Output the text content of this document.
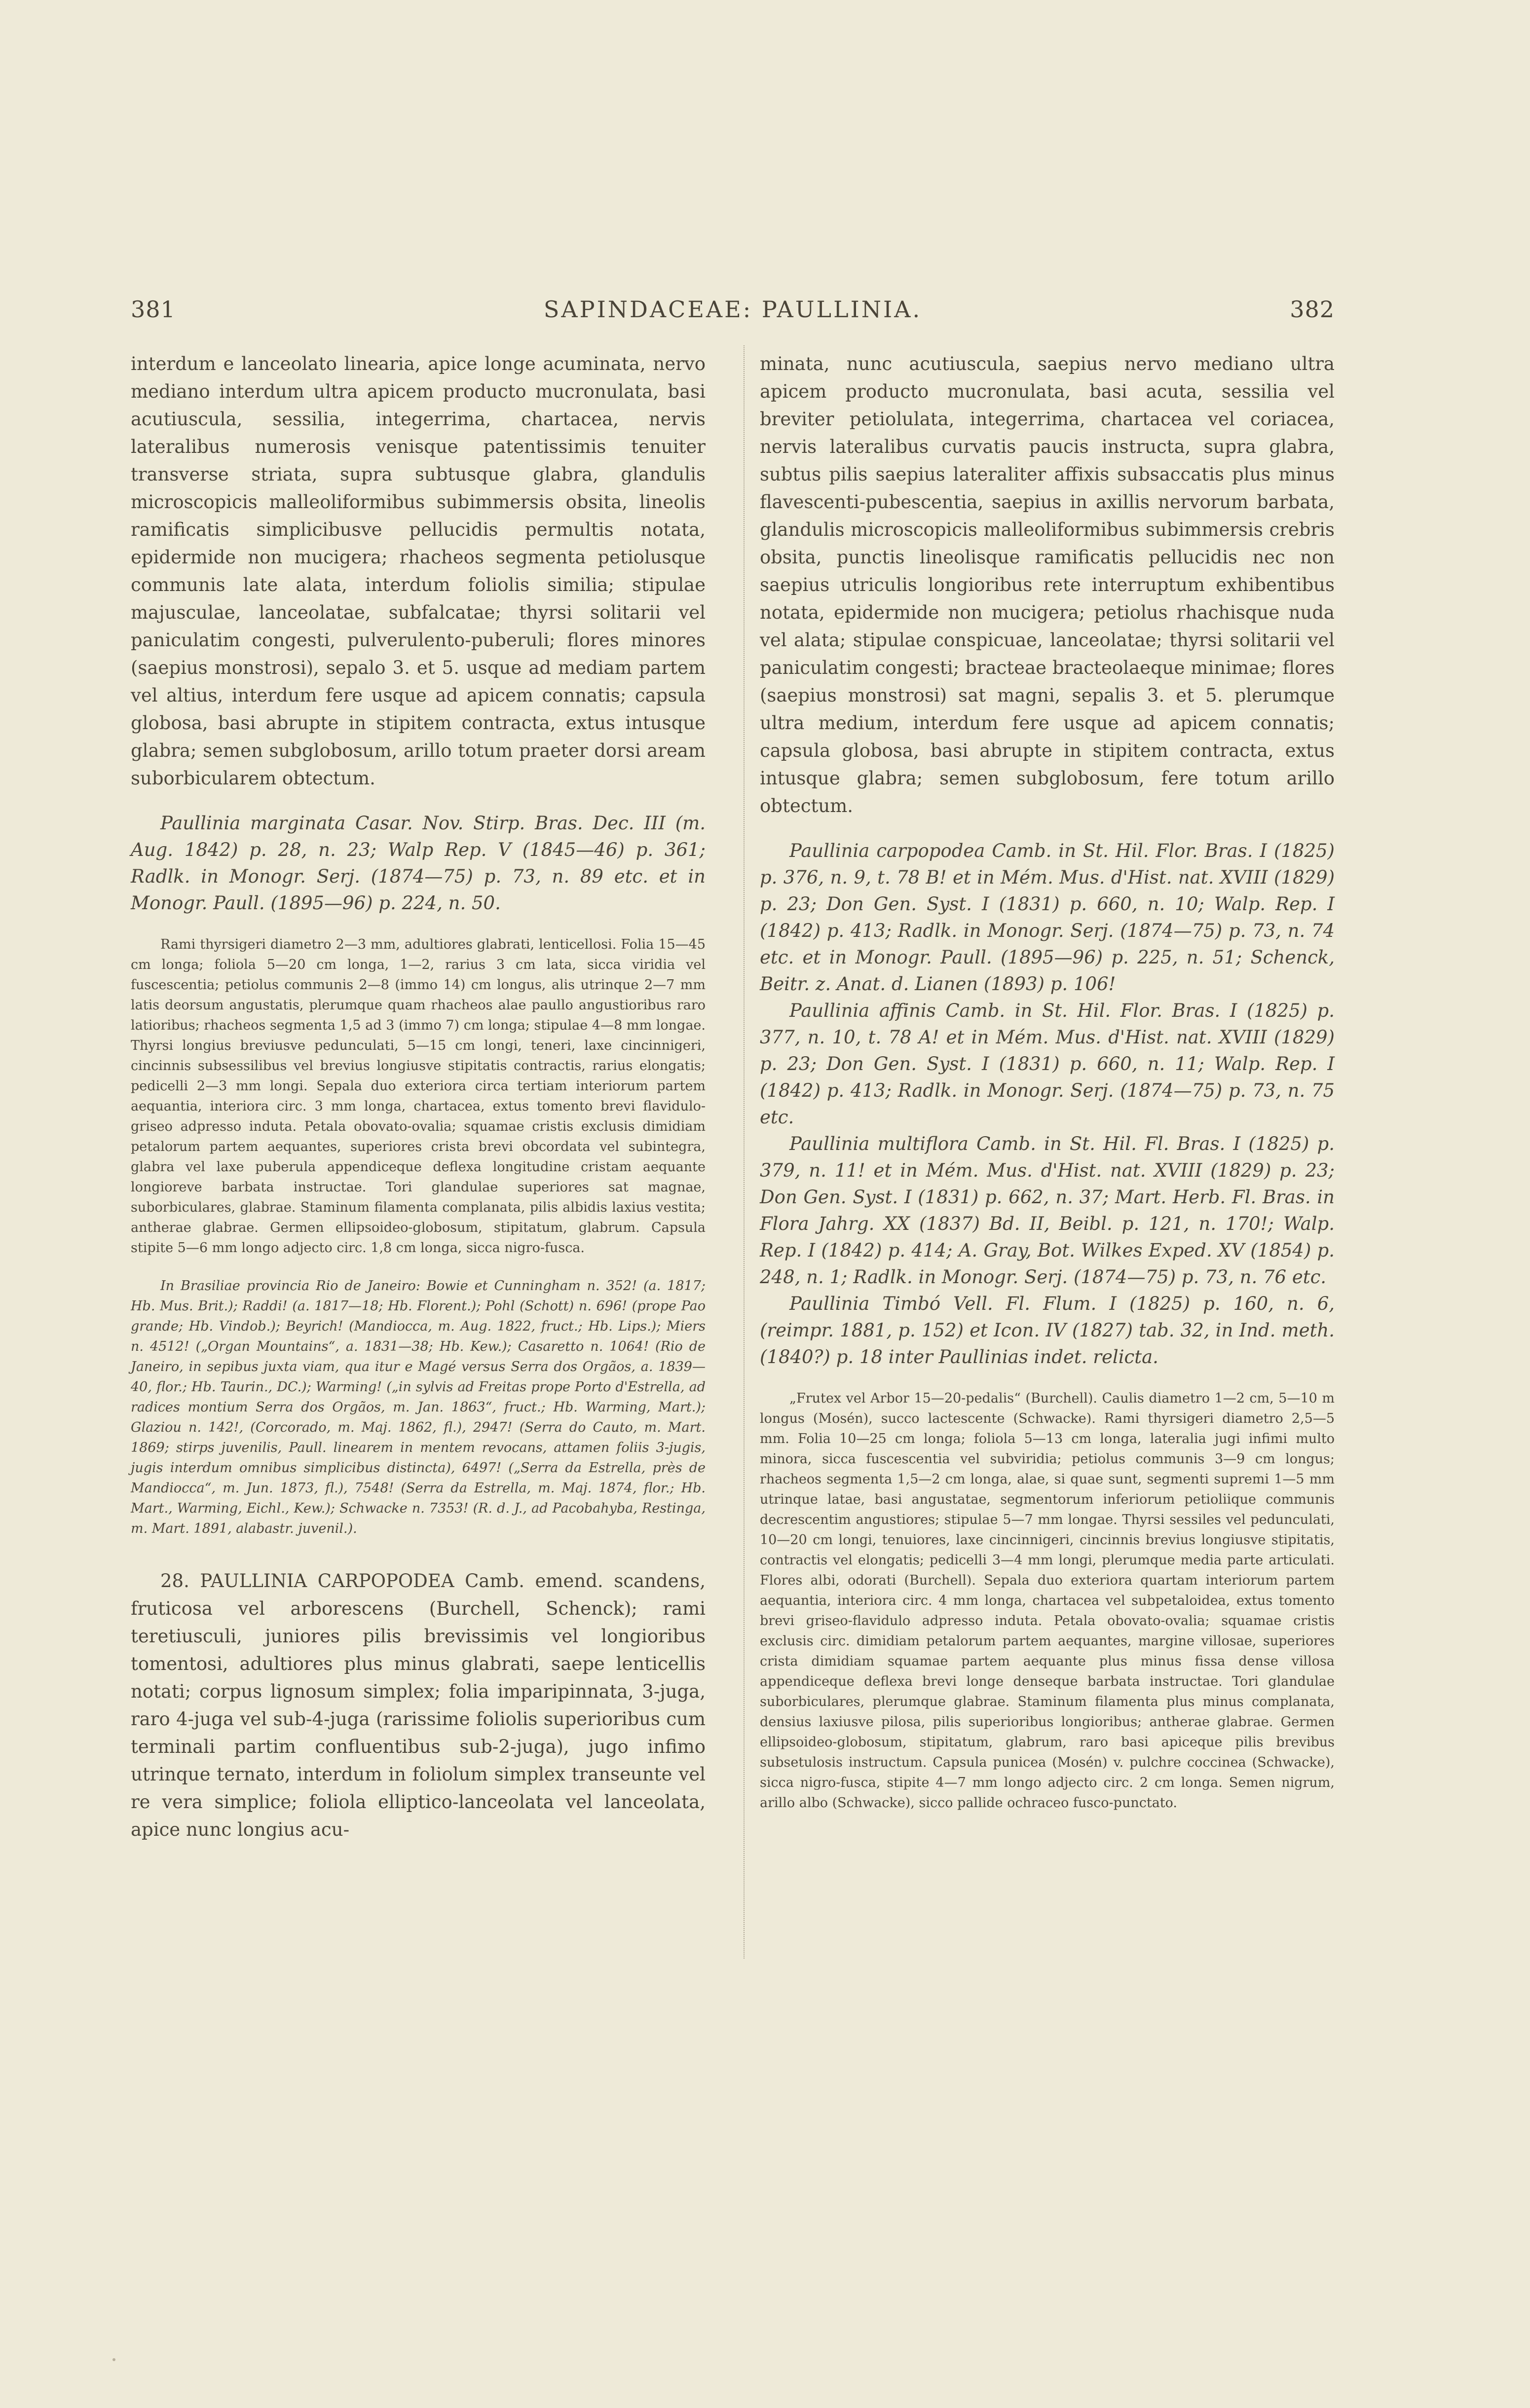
381	SAPINDACEAE: PAULLINIA.	382

interdum e lanceolato linearia, apice longe acuminata, nervo mediano interdum ultra apicem producto mucronulata, basi acutiuscula, sessilia, integerrima, chartacea, nervis lateralibus numerosis venisque patentissimis tenuiter transverse striata, supra subtusque glabra, glandulis microscopicis malleoliformibus subimmersis obsita, lineolis ramificatis simplicibusve pellucidis permultis notata, epidermide non mucigera; rhacheos segmenta petiolusque communis late alata, interdum foliolis similia; stipulae majusculae, lanceolatae, subfalcatae; thyrsi solitarii vel paniculatim congesti, pulverulento-puberuli; flores minores (saepius monstrosi), sepalo 3. et 5. usque ad mediam partem vel altius, interdum fere usque ad apicem connatis; capsula globosa, basi abrupte in stipitem contracta, extus intusque glabra; semen subglobosum, arillo totum praeter dorsi aream suborbicularem obtectum.

Paullinia marginata Casar. Nov. Stirp. Bras. Dec. III (m. Aug. 1842) p. 28, n. 23; Walp Rep. V (1845—46) p. 361; Radlk. in Monogr. Serj. (1874—75) p. 73, n. 89 etc. et in Monogr. Paull. (1895—96) p. 224, n. 50.

Rami thyrsigeri diametro 2—3 mm, adultiores glabrati, lenticellosi. Folia 15—45 cm longa; foliola 5—20 cm longa, 1—2, rarius 3 cm lata, sicca viridia vel fuscescentia; petiolus communis 2—8 (immo 14) cm longus, alis utrinque 2—7 mm latis deorsum angustatis, plerumque quam rhacheos alae paullo angustioribus raro latioribus; rhacheos segmenta 1,5 ad 3 (immo 7) cm longa; stipulae 4—8 mm longae. Thyrsi longius breviusve pedunculati, 5—15 cm longi, teneri, laxe cincinnigeri, cincinnis subsessilibus vel brevius longiusve stipitatis contractis, rarius elongatis; pedicelli 2—3 mm longi. Sepala duo exteriora circa tertiam interiorum partem aequantia, interiora circ. 3 mm longa, chartacea, extus tomento brevi flavidulo-griseo adpresso induta. Petala obovato-ovalia; squamae cristis exclusis dimidiam petalorum partem aequantes, superiores crista brevi obcordata vel subintegra, glabra vel laxe puberula appendiceque deflexa longitudine cristam aequante longioreve barbata instructae. Tori glandulae superiores sat magnae, suborbiculares, glabrae. Staminum filamenta complanata, pilis albidis laxius vestita; antherae glabrae. Germen ellipsoideo-globosum, stipitatum, glabrum. Capsula stipite 5—6 mm longo adjecto circ. 1,8 cm longa, sicca nigro-fusca.

In Brasiliae provincia Rio de Janeiro: Bowie et Cunningham n. 352! (a. 1817; Hb. Mus. Brit.); Raddi! (a. 1817—18; Hb. Florent.); Pohl (Schott) n. 696! (prope Pao grande; Hb. Vindob.); Beyrich! (Mandiocca, m. Aug. 1822, fruct.; Hb. Lips.); Miers n. 4512! („Organ Mountains“, a. 1831—38; Hb. Kew.); Casaretto n. 1064! (Rio de Janeiro, in sepibus juxta viam, qua itur e Magé versus Serra dos Orgãos, a. 1839—40, flor.; Hb. Taurin., DC.); Warming! („in sylvis ad Freitas prope Porto d'Estrella, ad radices montium Serra dos Orgãos, m. Jan. 1863“, fruct.; Hb. Warming, Mart.); Glaziou n. 142!, (Corcorado, m. Maj. 1862, fl.), 2947! (Serra do Cauto, m. Mart. 1869; stirps juvenilis, Paull. linearem in mentem revocans, attamen foliis 3-jugis, jugis interdum omnibus simplicibus distincta), 6497! („Serra da Estrella, près de Mandiocca“, m. Jun. 1873, fl.), 7548! (Serra da Estrella, m. Maj. 1874, flor.; Hb. Mart., Warming, Eichl., Kew.); Schwacke n. 7353! (R. d. J., ad Pacobahyba, Restinga, m. Mart. 1891, alabastr. juvenil.).

28. PAULLINIA CARPOPODEA Camb. emend. scandens, fruticosa vel arborescens (Burchell, Schenck); rami teretiusculi, juniores pilis brevissimis vel longioribus tomentosi, adultiores plus minus glabrati, saepe lenticellis notati; corpus lignosum simplex; folia imparipinnata, 3-juga, raro 4-juga vel sub-4-juga (rarissime foliolis superioribus cum terminali partim confluentibus sub-2-juga), jugo infimo utrinque ternato, interdum in foliolum simplex transeunte vel re vera simplice; foliola elliptico-lanceolata vel lanceolata, apice nunc longius acu-

minata, nunc acutiuscula, saepius nervo mediano ultra apicem producto mucronulata, basi acuta, sessilia vel breviter petiolulata, integerrima, chartacea vel coriacea, nervis lateralibus curvatis paucis instructa, supra glabra, subtus pilis saepius lateraliter affixis subsaccatis plus minus flavescenti-pubescentia, saepius in axillis nervorum barbata, glandulis microscopicis malleoliformibus subimmersis crebris obsita, punctis lineolisque ramificatis pellucidis nec non saepius utriculis longioribus rete interruptum exhibentibus notata, epidermide non mucigera; petiolus rhachisque nuda vel alata; stipulae conspicuae, lanceolatae; thyrsi solitarii vel paniculatim congesti; bracteae bracteolaeque minimae; flores (saepius monstrosi) sat magni, sepalis 3. et 5. plerumque ultra medium, interdum fere usque ad apicem connatis; capsula globosa, basi abrupte in stipitem contracta, extus intusque glabra; semen subglobosum, fere totum arillo obtectum.

Paullinia carpopodea Camb. in St. Hil. Flor. Bras. I (1825) p. 376, n. 9, t. 78 B! et in Mém. Mus. d'Hist. nat. XVIII (1829) p. 23; Don Gen. Syst. I (1831) p. 660, n. 10; Walp. Rep. I (1842) p. 413; Radlk. in Monogr. Serj. (1874—75) p. 73, n. 74 etc. et in Monogr. Paull. (1895—96) p. 225, n. 51; Schenck, Beitr. z. Anat. d. Lianen (1893) p. 106!

Paullinia affinis Camb. in St. Hil. Flor. Bras. I (1825) p. 377, n. 10, t. 78 A! et in Mém. Mus. d'Hist. nat. XVIII (1829) p. 23; Don Gen. Syst. I (1831) p. 660, n. 11; Walp. Rep. I (1842) p. 413; Radlk. in Monogr. Serj. (1874—75) p. 73, n. 75 etc.

Paullinia multiflora Camb. in St. Hil. Fl. Bras. I (1825) p. 379, n. 11! et in Mém. Mus. d'Hist. nat. XVIII (1829) p. 23; Don Gen. Syst. I (1831) p. 662, n. 37; Mart. Herb. Fl. Bras. in Flora Jahrg. XX (1837) Bd. II, Beibl. p. 121, n. 170!; Walp. Rep. I (1842) p. 414; A. Gray, Bot. Wilkes Exped. XV (1854) p. 248, n. 1; Radlk. in Monogr. Serj. (1874—75) p. 73, n. 76 etc.

Paullinia Timbó Vell. Fl. Flum. I (1825) p. 160, n. 6, (reimpr. 1881, p. 152) et Icon. IV (1827) tab. 32, in Ind. meth. (1840?) p. 18 inter Paullinias indet. relicta.

„Frutex vel Arbor 15—20-pedalis“ (Burchell). Caulis diametro 1—2 cm, 5—10 m longus (Mosén), succo lactescente (Schwacke). Rami thyrsigeri diametro 2,5—5 mm. Folia 10—25 cm longa; foliola 5—13 cm longa, lateralia jugi infimi multo minora, sicca fuscescentia vel subviridia; petiolus communis 3—9 cm longus; rhacheos segmenta 1,5—2 cm longa, alae, si quae sunt, segmenti supremi 1—5 mm utrinque latae, basi angustatae, segmentorum inferiorum petioliique communis decrescentim angustiores; stipulae 5—7 mm longae. Thyrsi sessiles vel pedunculati, 10—20 cm longi, tenuiores, laxe cincinnigeri, cincinnis brevius longiusve stipitatis, contractis vel elongatis; pedicelli 3—4 mm longi, plerumque media parte articulati. Flores albi, odorati (Burchell). Sepala duo exteriora quartam interiorum partem aequantia, interiora circ. 4 mm longa, chartacea vel subpetaloidea, extus tomento brevi griseo-flavidulo adpresso induta. Petala obovato-ovalia; squamae cristis exclusis circ. dimidiam petalorum partem aequantes, margine villosae, superiores crista dimidiam squamae partem aequante plus minus fissa dense villosa appendiceque deflexa brevi longe denseque barbata instructae. Tori glandulae suborbiculares, plerumque glabrae. Staminum filamenta plus minus complanata, densius laxiusve pilosa, pilis superioribus longioribus; antherae glabrae. Germen ellipsoideo-globosum, stipitatum, glabrum, raro basi apiceque pilis brevibus subsetulosis instructum. Capsula punicea (Mosén) v. pulchre coccinea (Schwacke), sicca nigro-fusca, stipite 4—7 mm longo adjecto circ. 2 cm longa. Semen nigrum, arillo albo (Schwacke), sicco pallide ochraceo fusco-punctato.
